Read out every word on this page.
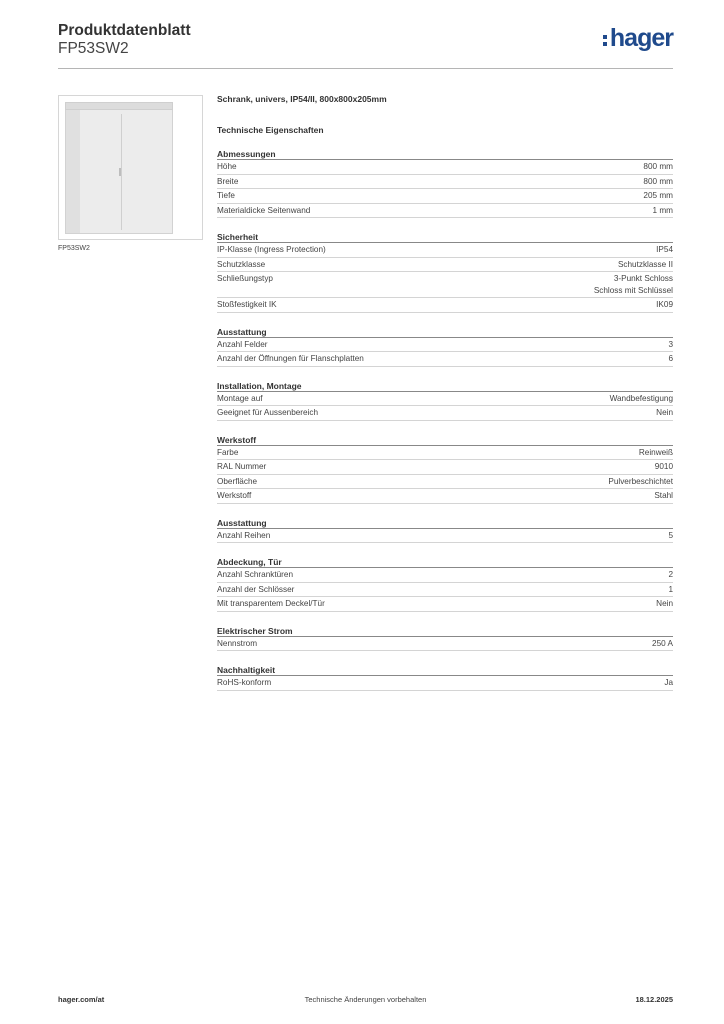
Produktdatenblatt
FP53SW2	hager
FP53SW2
Schrank, univers, IP54/II, 800x800x205mm
Technische Eigenschaften
Abmessungen
Höhe	800 mm
Breite	800 mm
Tiefe	205 mm
Materialdicke Seitenwand	1 mm
Sicherheit
IP-Klasse (Ingress Protection)	IP54
Schutzklasse	Schutzklasse II
Schließungstyp	3-Punkt Schloss
Schloss mit Schlüssel
Stoßfestigkeit IK	IK09
Ausstattung
Anzahl Felder	3
Anzahl der Öffnungen für Flanschplatten	6
Installation, Montage
Montage auf	Wandbefestigung
Geeignet für Aussenbereich	Nein
Werkstoff
Farbe	Reinweiß
RAL Nummer	9010
Oberfläche	Pulverbeschichtet
Werkstoff	Stahl
Ausstattung
Anzahl Reihen	5
Abdeckung, Tür
Anzahl Schranktüren	2
Anzahl der Schlösser	1
Mit transparentem Deckel/Tür	Nein
Elektrischer Strom
Nennstrom	250 A
Nachhaltigkeit
RoHS-konform	Ja
hager.com/at	Technische Änderungen vorbehalten	18.12.2025
